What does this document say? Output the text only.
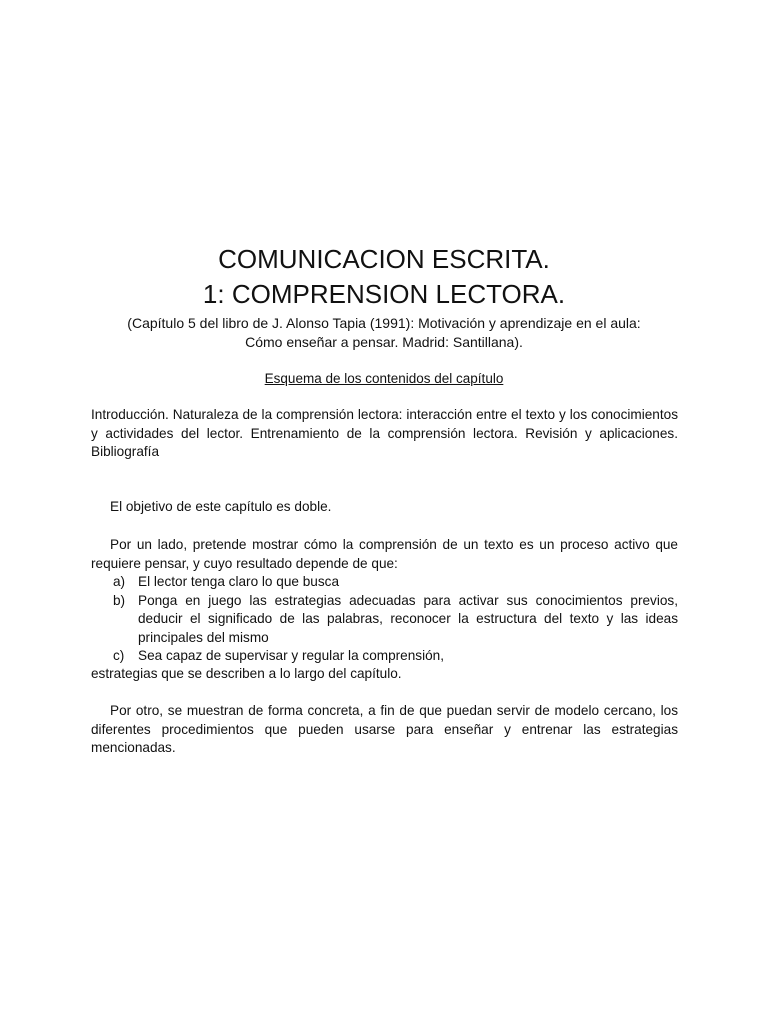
COMUNICACION ESCRITA.
1: COMPRENSION LECTORA.

(Capítulo 5 del libro de J. Alonso Tapia (1991): Motivación y aprendizaje en el aula:
Cómo enseñar a pensar. Madrid: Santillana).

Esquema de los contenidos del capítulo

Introducción. Naturaleza de la comprensión lectora: interacción entre el texto y los conocimientos y actividades del lector. Entrenamiento de la comprensión lectora. Revisión y aplicaciones. Bibliografía

El objetivo de este capítulo es doble.

Por un lado, pretende mostrar cómo la comprensión de un texto es un proceso activo que requiere pensar, y cuyo resultado depende de que:

a) El lector tenga claro lo que busca
b) Ponga en juego las estrategias adecuadas para activar sus conocimientos previos, deducir el significado de las palabras, reconocer la estructura del texto y las ideas principales del mismo
c) Sea capaz de supervisar y regular la comprensión,

estrategias que se describen a lo largo del capítulo.

Por otro, se muestran de forma concreta, a fin de que puedan servir de modelo cercano, los diferentes procedimientos que pueden usarse para enseñar y entrenar las estrategias mencionadas.
